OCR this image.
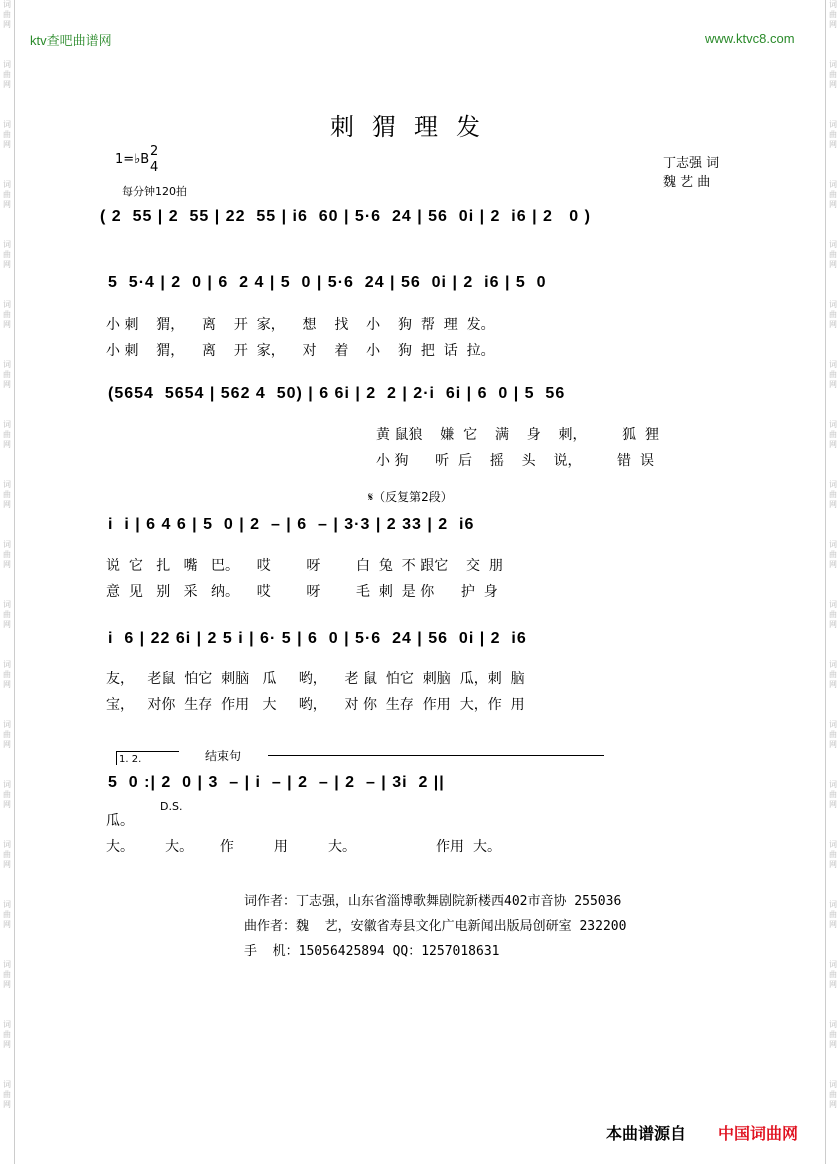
词
曲
网
词
曲
网
词
曲
网
词
曲
网
词
曲
网
词
曲
网
词
曲
网
词
曲
网
词
曲
网
词
曲
网
词
曲
网
词
曲
网
词
曲
网
词
曲
网
词
曲
网
词
曲
网
词
曲
网
词
曲
网
词
曲
网
词
曲
网
词
曲
网
词
曲
网
词
曲
网
词
曲
网
词
曲
网
词
曲
网
词
曲
网
词
曲
网
词
曲
网
词
曲
网
词
曲
网
词
曲
网
词
曲
网
词
曲
网
词
曲
网
词
曲
网
词
曲
网
词
曲
网
ktv查吧曲谱网	www.ktvc8.com
刺猬理发
1=♭B
2
4
每分钟120拍
丁志强 词
魏 艺 曲
( 2  55 | 2  55 | 22  55 | i6  60 | 5·6  24 | 56  0i | 2  i6 | 2   0 )
5  5·4 | 2  0 | 6  2 4 | 5  0 | 5·6  24 | 56  0i | 2  i6 | 5  0
小 刺    猬，    离    开  家，    想    找    小    狗  帮  理  发。
小 刺    猬，    离    开  家，    对    着    小    狗  把  话  拉。
(5654  5654 | 562 4  50) | 6 6i | 2  2 | 2·i  6i | 6  0 | 5  56
黄 鼠狼    嫌  它    满    身    刺，        狐  狸
小 狗      听  后    摇    头    说，        错  误
𝄋（反复第2段）
i  i | 6 4 6 | 5  0 | 2  – | 6  – | 3·3 | 2 33 | 2  i6
说  它   扎   嘴   巴。    哎        呀        白  兔  不 跟它    交  朋
意  见   别   采   纳。    哎        呀        毛  刺  是 你      护  身
i  6 | 22 6i | 2 5 i | 6· 5 | 6  0 | 5·6  24 | 56  0i | 2  i6
友，   老鼠  怕它  刺脑   瓜     哟，    老 鼠  怕它  刺脑  瓜，刺  脑
宝，   对你  生存  作用   大     哟，    对 你  生存  作用  大，作  用
1. 2.	结束句
5  0 :| 2  0 | 3  – | i  – | 2  – | 2  – | 3i  2 ||
D.S.
瓜。
大。       大。      作         用         大。                  作用  大。
词作者：丁志强，山东省淄博歌舞剧院新楼西402市音协 255036
曲作者：魏  艺，安徽省寿县文化广电新闻出版局创研室 232200
手  机：15056425894 QQ：1257018631
本曲谱源自 中国词曲网
